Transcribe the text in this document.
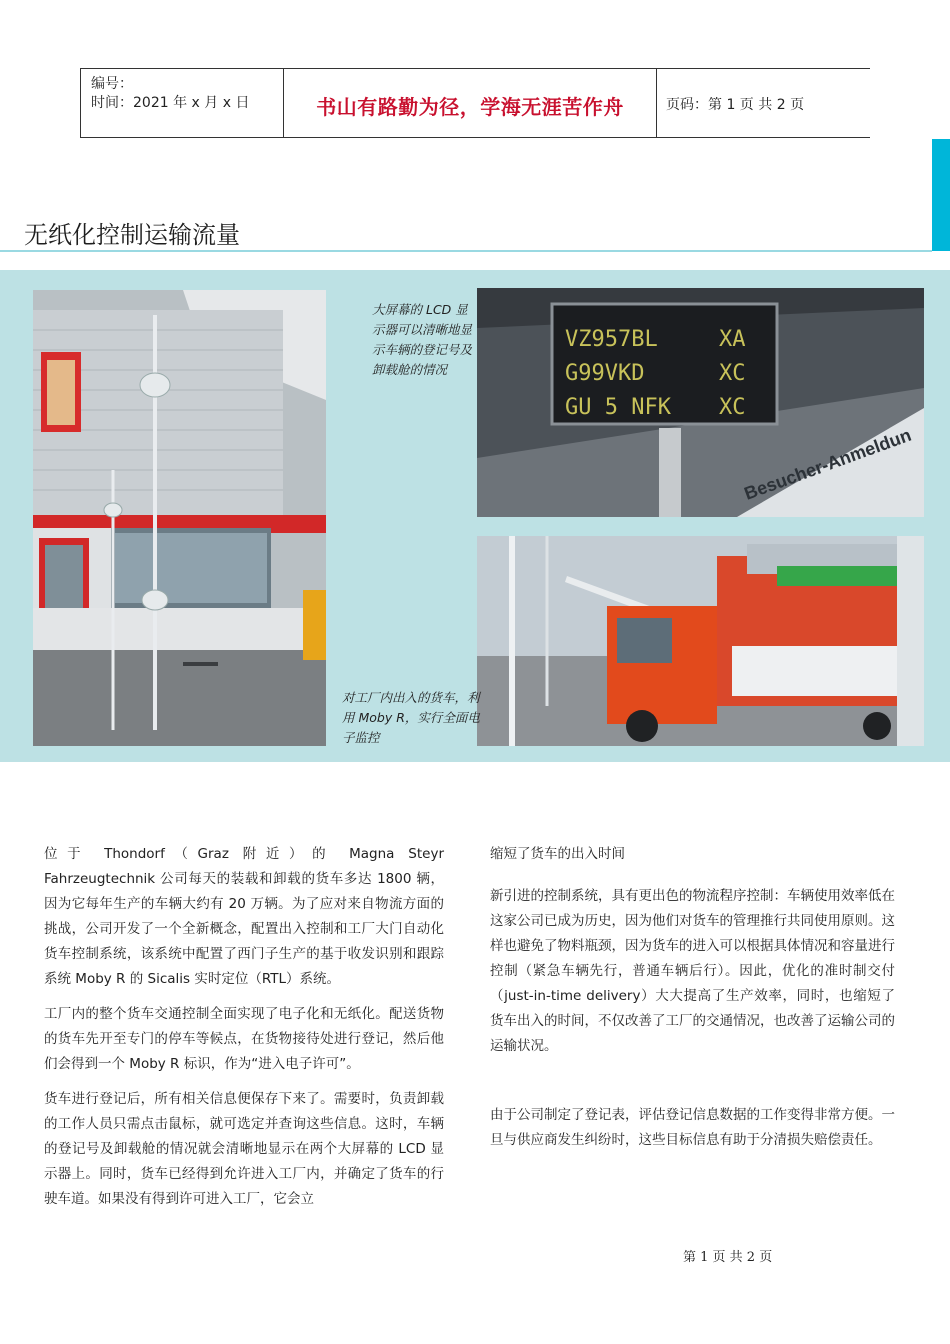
编号：
时间：2021 年 x 月 x 日	书山有路勤为径，学海无涯苦作舟	页码：第 1 页 共 2 页
无纸化控制运输流量
大屏幕的 LCD 显示器可以清晰地显示车辆的登记号及卸载舱的情况
VZ957BL
G99VKD
GU 5 NFK
XA
XC
XC
Besucher-Anmeldun
对工厂内出入的货车，利用 Moby R，实行全面电子监控

位于 Thondorf（Graz 附近）的 Magna Steyr Fahrzeugtechnik 公司每天的装载和卸载的货车多达 1800 辆，因为它每年生产的车辆大约有 20 万辆。为了应对来自物流方面的挑战，公司开发了一个全新概念，配置出入控制和工厂大门自动化货车控制系统，该系统中配置了西门子生产的基于收发识别和跟踪系统 Moby R 的 Sicalis 实时定位（RTL）系统。

工厂内的整个货车交通控制全面实现了电子化和无纸化。配送货物的货车先开至专门的停车等候点，在货物接待处进行登记，然后他们会得到一个 Moby R 标识，作为“进入电子许可”。

货车进行登记后，所有相关信息便保存下来了。需要时，负责卸载的工作人员只需点击鼠标，就可选定并查询这些信息。这时，车辆的登记号及卸载舱的情况就会清晰地显示在两个大屏幕的 LCD 显示器上。同时，货车已经得到允许进入工厂内，并确定了货车的行驶车道。如果没有得到许可进入工厂，它会立

缩短了货车的出入时间

新引进的控制系统，具有更出色的物流程序控制：车辆使用效率低在这家公司已成为历史，因为他们对货车的管理推行共同使用原则。这样也避免了物料瓶颈，因为货车的进入可以根据具体情况和容量进行控制（紧急车辆先行，普通车辆后行）。因此，优化的准时制交付（just-in-time delivery）大大提高了生产效率，同时，也缩短了货车出入的时间，不仅改善了工厂的交通情况，也改善了运输公司的运输状况。

由于公司制定了登记表，评估登记信息数据的工作变得非常方便。一旦与供应商发生纠纷时，这些目标信息有助于分清损失赔偿责任。

第 1 页 共 2 页
